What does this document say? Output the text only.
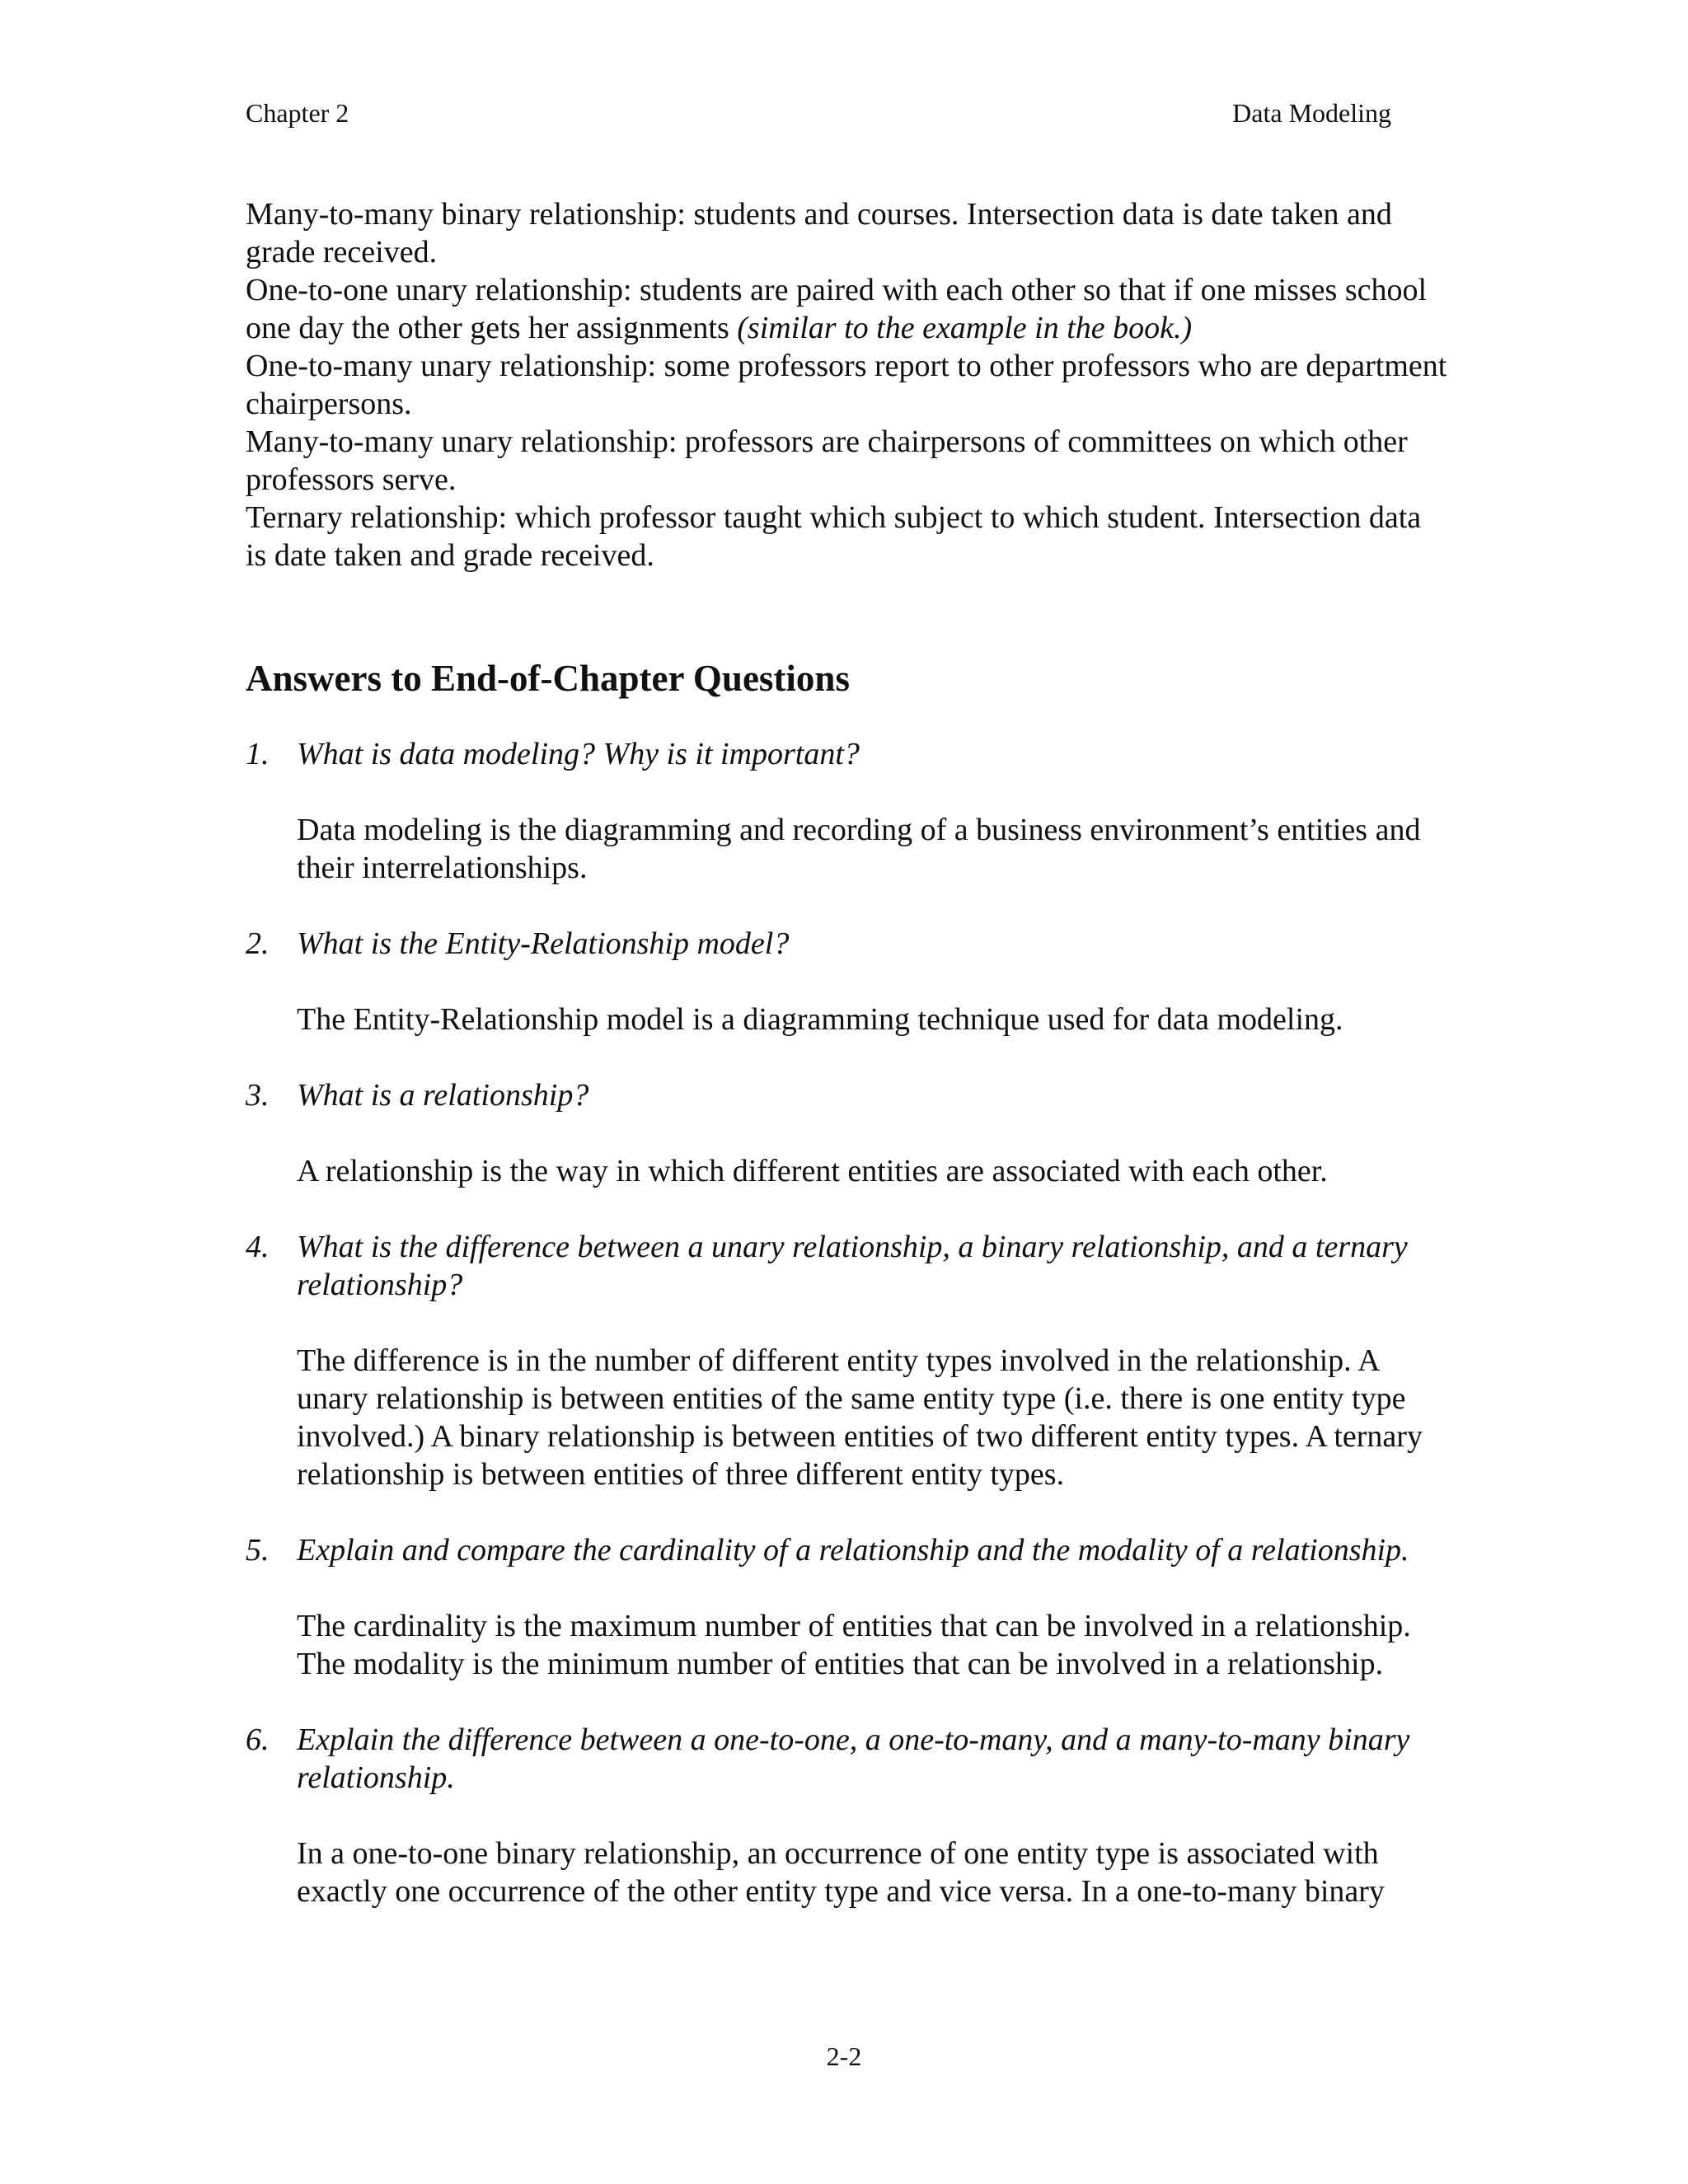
Chapter 2	Data Modeling

Many-to-many binary relationship: students and courses. Intersection data is date taken and grade received.

One-to-one unary relationship: students are paired with each other so that if one misses school one day the other gets her assignments (similar to the example in the book.)

One-to-many unary relationship: some professors report to other professors who are department chairpersons.

Many-to-many unary relationship: professors are chairpersons of committees on which other professors serve.

Ternary relationship: which professor taught which subject to which student. Intersection data is date taken and grade received.

Answers to End-of-Chapter Questions
1. What is data modeling? Why is it important?

Data modeling is the diagramming and recording of a business environment’s entities and their interrelationships.

2. What is the Entity-Relationship model?

The Entity-Relationship model is a diagramming technique used for data modeling.

3. What is a relationship?

A relationship is the way in which different entities are associated with each other.

4. What is the difference between a unary relationship, a binary relationship, and a ternary relationship?

The difference is in the number of different entity types involved in the relationship. A unary relationship is between entities of the same entity type (i.e. there is one entity type involved.) A binary relationship is between entities of two different entity types. A ternary relationship is between entities of three different entity types.

5. Explain and compare the cardinality of a relationship and the modality of a relationship.

The cardinality is the maximum number of entities that can be involved in a relationship. The modality is the minimum number of entities that can be involved in a relationship.

6. Explain the difference between a one-to-one, a one-to-many, and a many-to-many binary relationship.

In a one-to-one binary relationship, an occurrence of one entity type is associated with exactly one occurrence of the other entity type and vice versa. In a one-to-many binary

2-2
